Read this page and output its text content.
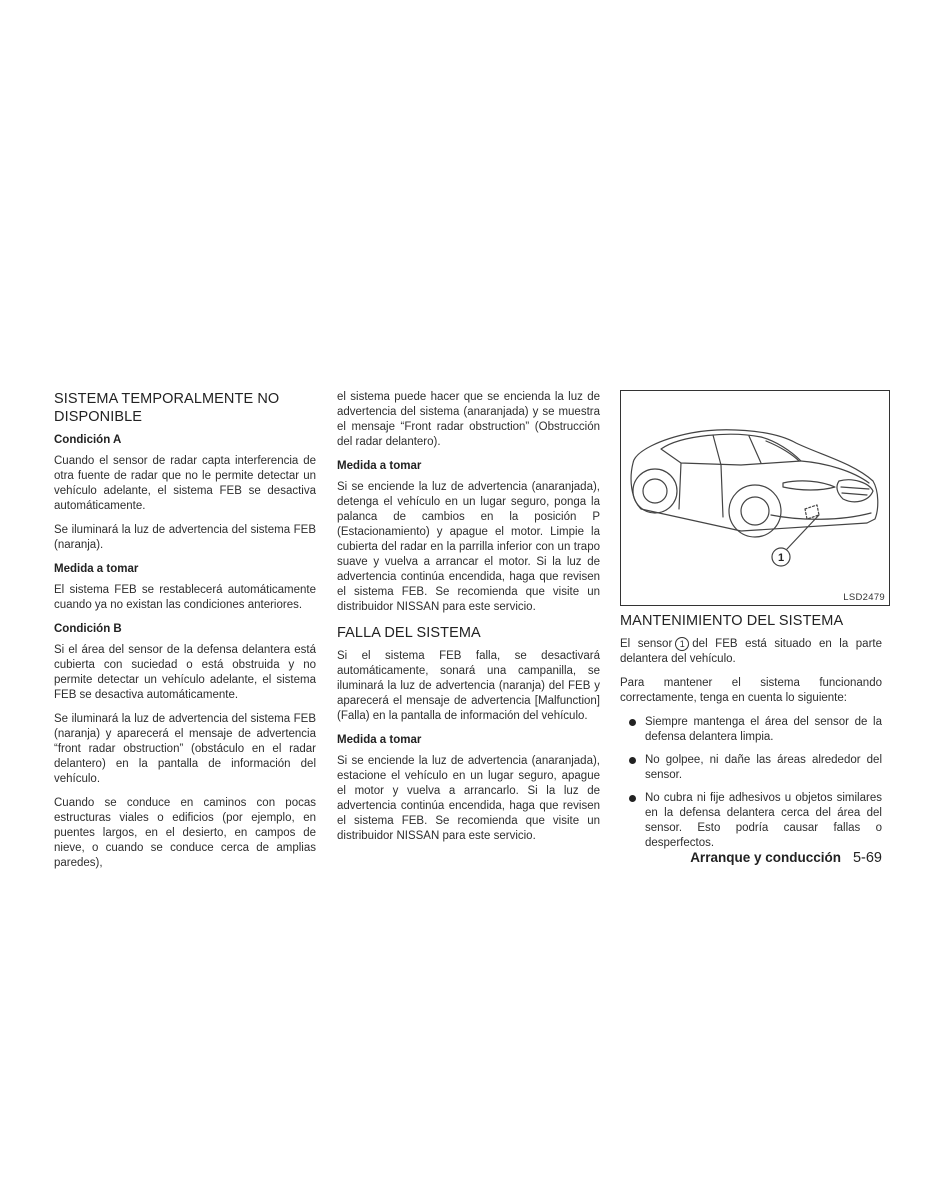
SISTEMA TEMPORALMENTE NO DISPONIBLE
Condición A

Cuando el sensor de radar capta interferencia de otra fuente de radar que no le permite detectar un vehículo adelante, el sistema FEB se desactiva automáticamente.

Se iluminará la luz de advertencia del sistema FEB (naranja).

Medida a tomar

El sistema FEB se restablecerá automáticamente cuando ya no existan las condiciones anteriores.

Condición B

Si el área del sensor de la defensa delantera está cubierta con suciedad o está obstruida y no permite detectar un vehículo adelante, el sistema FEB se desactiva automáticamente.

Se iluminará la luz de advertencia del sistema FEB (naranja) y aparecerá el mensaje de advertencia “front radar obstruction” (obstáculo en el radar delantero) en la pantalla de información del vehículo.

Cuando se conduce en caminos con pocas estructuras viales o edificios (por ejemplo, en puentes largos, en el desierto, en campos de nieve, o cuando se conduce cerca de amplias paredes),

el sistema puede hacer que se encienda la luz de advertencia del sistema (anaranjada) y se muestra el mensaje “Front radar obstruction” (Obstrucción del radar delantero).

Medida a tomar

Si se enciende la luz de advertencia (anaranjada), detenga el vehículo en un lugar seguro, ponga la palanca de cambios en la posición P (Estacionamiento) y apague el motor. Limpie la cubierta del radar en la parrilla inferior con un trapo suave y vuelva a arrancar el motor. Si la luz de advertencia continúa encendida, haga que revisen el sistema FEB. Se recomienda que visite un distribuidor NISSAN para este servicio.

FALLA DEL SISTEMA

Si el sistema FEB falla, se desactivará automáticamente, sonará una campanilla, se iluminará la luz de advertencia (naranja) del FEB y aparecerá el mensaje de advertencia [Malfunction] (Falla) en la pantalla de información del vehículo.

Medida a tomar

Si se enciende la luz de advertencia (anaranjada), estacione el vehículo en un lugar seguro, apague el motor y vuelva a arrancarlo. Si la luz de advertencia continúa encendida, haga que revisen el sistema FEB. Se recomienda que visite un distribuidor NISSAN para este servicio.

1
LSD2479
MANTENIMIENTO DEL SISTEMA

El sensor 1 del FEB está situado en la parte delantera del vehículo.

Para mantener el sistema funcionando correctamente, tenga en cuenta lo siguiente:

Siempre mantenga el área del sensor de la defensa delantera limpia.
No golpee, ni dañe las áreas alrededor del sensor.
No cubra ni fije adhesivos u objetos similares en la defensa delantera cerca del área del sensor. Esto podría causar fallas o desperfectos.
Arranque y conducción 5-69
